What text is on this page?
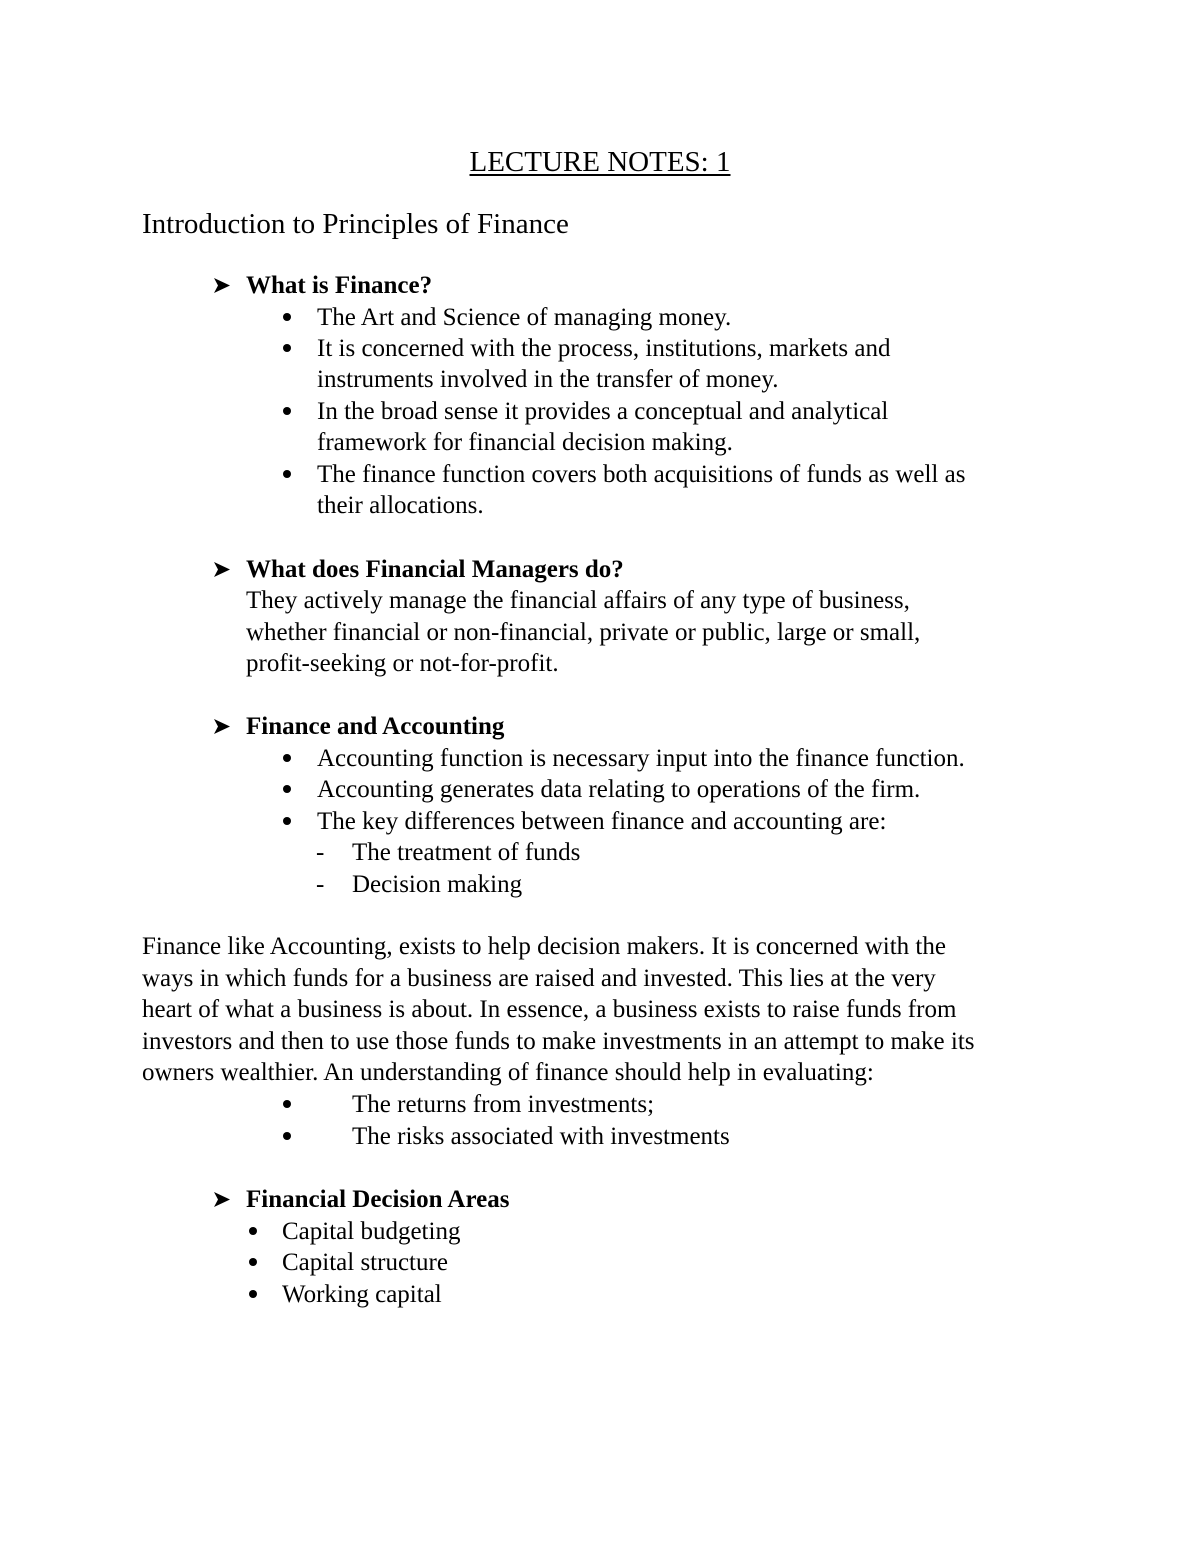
LECTURE NOTES: 1
Introduction to Principles of Finance
What is Finance?
The Art and Science of managing money.
It is concerned with the process, institutions, markets and
instruments involved in the transfer of money.
In the broad sense it provides a conceptual and analytical
framework for financial decision making.
The finance function covers both acquisitions of funds as well as
their allocations.
What does Financial Managers do?
They actively manage the financial affairs of any type of business,
whether financial or non-financial, private or public, large or small,
profit-seeking or not-for-profit.
Finance and Accounting
Accounting function is necessary input into the finance function.
Accounting generates data relating to operations of the firm.
The key differences between finance and accounting are:
- The treatment of funds
- Decision making
Finance like Accounting, exists to help decision makers. It is concerned with the
ways in which funds for a business are raised and invested. This lies at the very
heart of what a business is about. In essence, a business exists to raise funds from
investors and then to use those funds to make investments in an attempt to make its
owners wealthier. An understanding of finance should help in evaluating:
The returns from investments;
The risks associated with investments
Financial Decision Areas
Capital budgeting
Capital structure
Working capital
